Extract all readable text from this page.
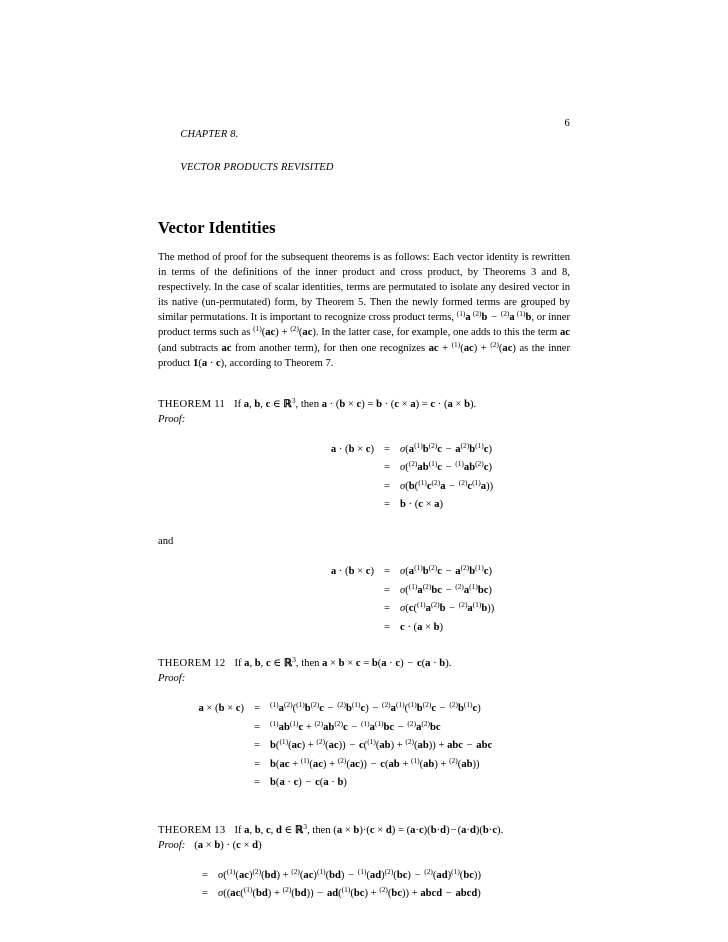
CHAPTER 8.

VECTOR PRODUCTS REVISITED

6
Vector Identities

The method of proof for the subsequent theorems is as follows: Each vector identity is rewritten in terms of the definitions of the inner product and cross product, by Theorems 3 and 8, respectively. In the case of scalar identities, terms are permutated to isolate any desired vector in its native (un-permutated) form, by Theorem 5. Then the newly formed terms are grouped by similar permutations. It is important to recognize cross product terms, $^{(1)}$a  $^{(2)}$b − $^{(2)}$a  $^{(1)}$b, or inner product terms such as $^{(1)}$(ac) + $^{(2)}$(ac). In the latter case, for example, one adds to this the term ac (and subtracts ac from another term), for then one recognizes ac + $^{(1)}$(ac) + $^{(2)}$(ac) as the inner product 1(a · c), according to Theorem 7.

THEOREM 11 If a, b, c ∈ ℝ$^3$, then a · (b × c) = b · (c × a) = c · (a × b).
Proof:
$a \cdot (b \times c) = \sigma(a^{(1)}b^{(2)}c - a^{(2)}b^{(1)}c)$
= $\sigma(^{(2)}ab^{(1)}c - ^{(1)}ab^{(2)}c)$
= $\sigma(b(^{(1)}c^{(2)}a - ^{(2)}c^{(1)}a))$
= b · (c × a)
and
$a \cdot (b \times c) = \sigma(a^{(1)}b^{(2)}c - a^{(2)}b^{(1)}c)$
= $\sigma(^{(1)}a^{(2)}bc - ^{(2)}a^{(1)}bc)$
= $\sigma(c(^{(1)}a^{(2)}b - ^{(2)}a^{(1)}b))$
= c · (a × b)
THEOREM 12 If a, b, c ∈ ℝ$^3$, then a × b × c = b(a · c) − c(a · b).
Proof:
a × (b × c) =	$^{(1)}a^{(2)}(^{(1)}b^{(2)}c - ^{(2)}b^{(1)}c) - ^{(2)}a^{(1)}(^{(1)}b^{(2)}c - ^{(2)}b^{(1)}c)$
=	$^{(1)}ab^{(1)}c + ^{(2)}ab^{(2)}c - ^{(1)}a^{(1)}bc - ^{(2)}a^{(2)}bc$
= b($^{(1)}$(ac) + $^{(2)}$(ac)) − c($^{(1)}$(ab) + $^{(2)}$(ab)) + abc − abc
= b(ac + $^{(1)}$(ac) + $^{(2)}$(ac)) − c(ab + $^{(1)}$(ab) + $^{(2)}$(ab))
= b(a · c) − c(a · b)
THEOREM 13 If a, b, c, d ∈ ℝ$^3$, then (a × b)·(c × d) = (a·c)(b·d)−(a·d)(b·c).
Proof: (a × b) · (c × d)
= σ($^{(1)}$(ac)$^{(2)}$(bd) + $^{(2)}$(ac)$^{(1)}$(bd) − $^{(1)}$(ad)$^{(2)}$(bc) − $^{(2)}$(ad)$^{(1)}$(bc))
= σ((ac($^{(1)}$(bd) + $^{(2)}$(bd)) − ad($^{(1)}$(bc) + $^{(2)}$(bc)) + abcd − abcd)
